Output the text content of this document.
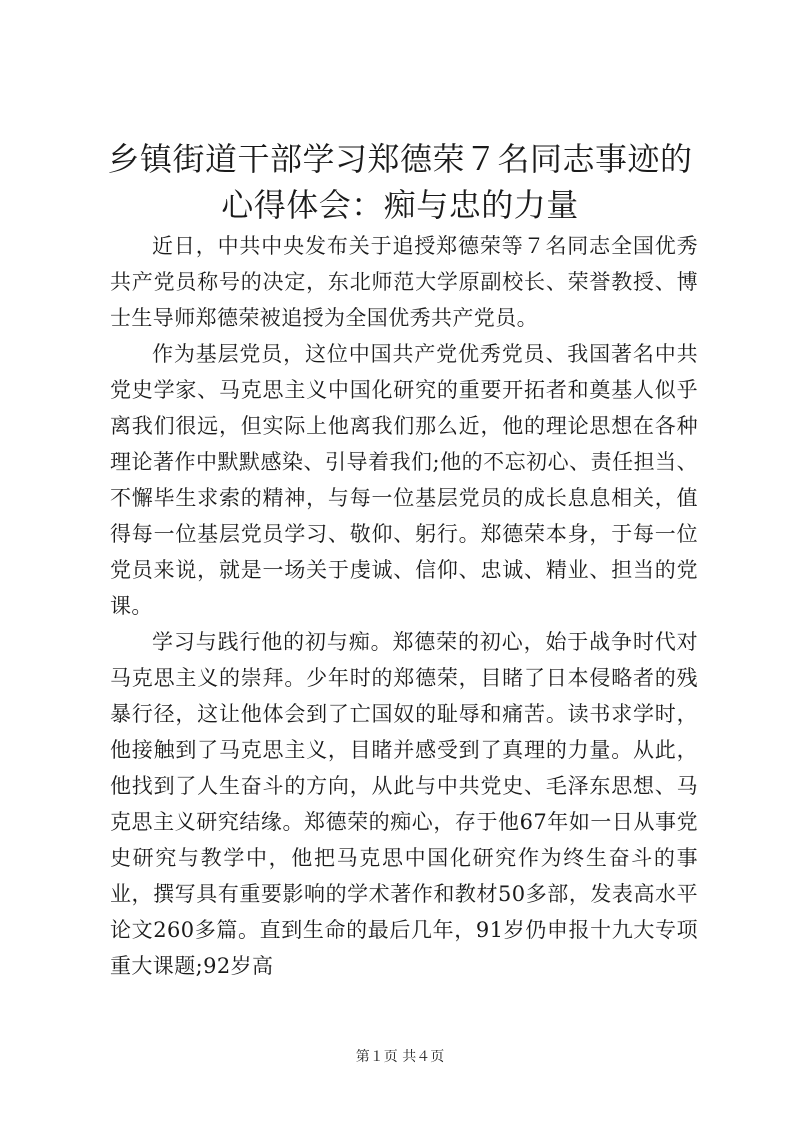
乡镇街道干部学习郑德荣７名同志事迹的心得体会：痴与忠的力量

近日，中共中央发布关于追授郑德荣等７名同志全国优秀共产党员称号的决定，东北师范大学原副校长、荣誉教授、博士生导师郑德荣被追授为全国优秀共产党员。

作为基层党员，这位中国共产党优秀党员、我国著名中共党史学家、马克思主义中国化研究的重要开拓者和奠基人似乎离我们很远，但实际上他离我们那么近，他的理论思想在各种理论著作中默默感染、引导着我们;他的不忘初心、责任担当、不懈毕生求索的精神，与每一位基层党员的成长息息相关，值得每一位基层党员学习、敬仰、躬行。郑德荣本身，于每一位党员来说，就是一场关于虔诚、信仰、忠诚、精业、担当的党课。

学习与践行他的初与痴。郑德荣的初心，始于战争时代对马克思主义的崇拜。少年时的郑德荣，目睹了日本侵略者的残暴行径，这让他体会到了亡国奴的耻辱和痛苦。读书求学时，他接触到了马克思主义，目睹并感受到了真理的力量。从此，他找到了人生奋斗的方向，从此与中共党史、毛泽东思想、马克思主义研究结缘。郑德荣的痴心，存于他67年如一日从事党史研究与教学中，他把马克思中国化研究作为终生奋斗的事业，撰写具有重要影响的学术著作和教材50多部，发表高水平论文260多篇。直到生命的最后几年，91岁仍申报十九大专项重大课题;92岁高

第１页 共４页
